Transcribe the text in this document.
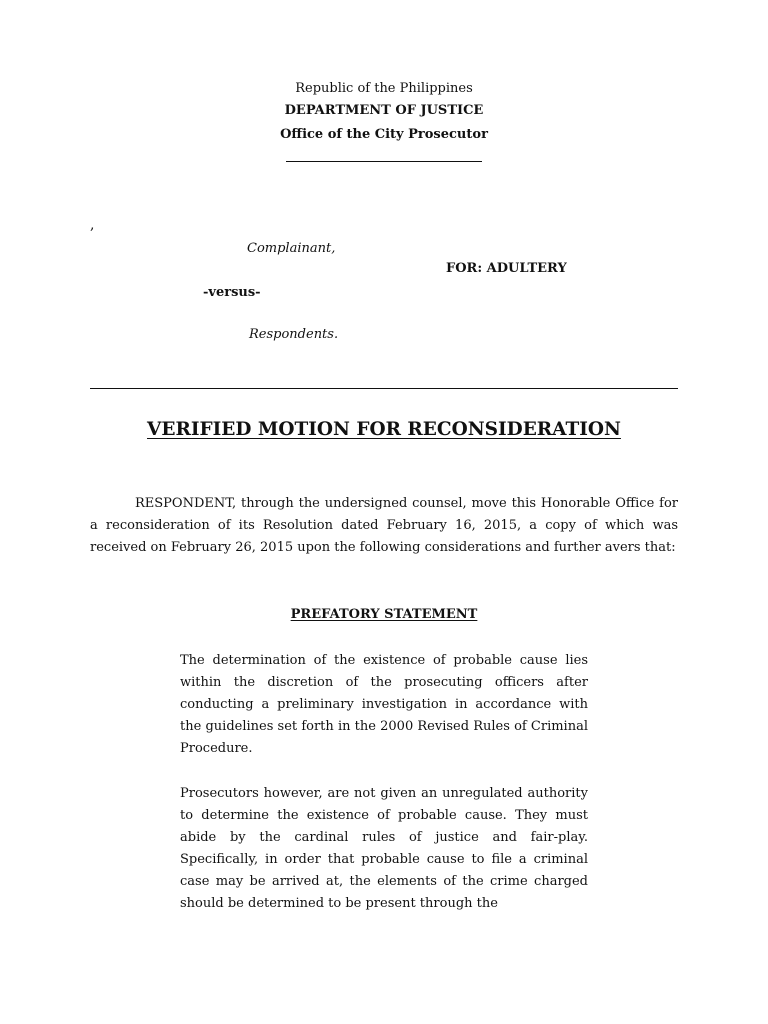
Republic of the Philippines
DEPARTMENT OF JUSTICE
Office of the City Prosecutor
,
Complainant,
FOR: ADULTERY
-versus-
Respondents.
VERIFIED MOTION FOR RECONSIDERATION

RESPONDENT, through the undersigned counsel, move this Honorable Office for a reconsideration of its Resolution dated February 16, 2015, a copy of which was received on February 26, 2015 upon the following considerations and further avers that:

PREFATORY STATEMENT

The determination of the existence of probable cause lies within the discretion of the prosecuting officers after conducting a preliminary investigation in accordance with the guidelines set forth in the 2000 Revised Rules of Criminal Procedure.

Prosecutors however, are not given an unregulated authority to determine the existence of probable cause. They must abide by the cardinal rules of justice and fair-play. Specifically, in order that probable cause to file a criminal case may be arrived at, the elements of the crime charged should be determined to be present through the
